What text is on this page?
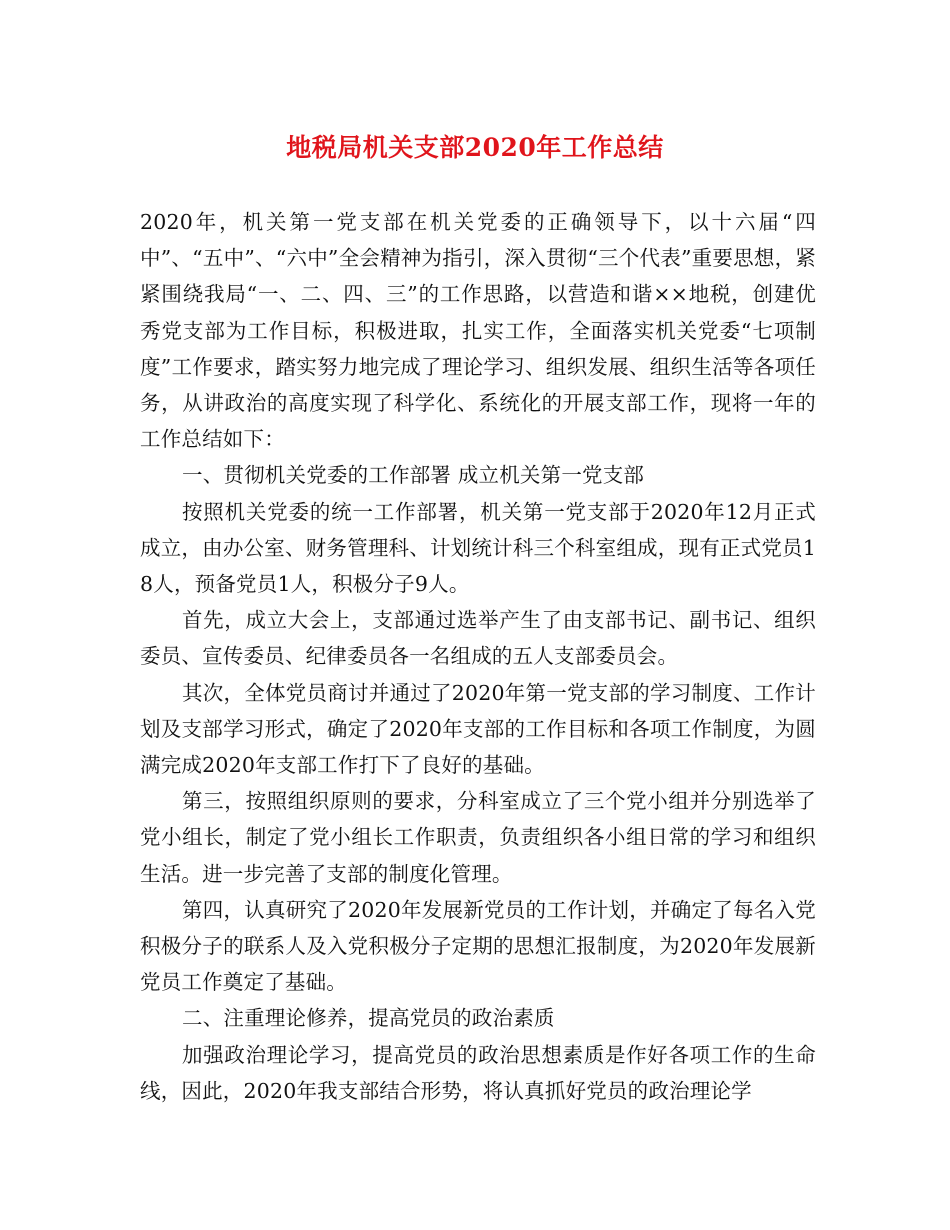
地税局机关支部2020年工作总结

2020年，机关第一党支部在机关党委的正确领导下，以十六届“四中”、“五中”、“六中”全会精神为指引，深入贯彻“三个代表”重要思想，紧紧围绕我局“一、二、四、三”的工作思路，以营造和谐××地税，创建优秀党支部为工作目标，积极进取，扎实工作，全面落实机关党委“七项制度”工作要求，踏实努力地完成了理论学习、组织发展、组织生活等各项任务，从讲政治的高度实现了科学化、系统化的开展支部工作，现将一年的工作总结如下：

一、贯彻机关党委的工作部署 成立机关第一党支部

按照机关党委的统一工作部署，机关第一党支部于2020年12月正式成立，由办公室、财务管理科、计划统计科三个科室组成，现有正式党员18人，预备党员1人，积极分子9人。

首先，成立大会上，支部通过选举产生了由支部书记、副书记、组织委员、宣传委员、纪律委员各一名组成的五人支部委员会。

其次，全体党员商讨并通过了2020年第一党支部的学习制度、工作计划及支部学习形式，确定了2020年支部的工作目标和各项工作制度，为圆满完成2020年支部工作打下了良好的基础。

第三，按照组织原则的要求，分科室成立了三个党小组并分别选举了党小组长，制定了党小组长工作职责，负责组织各小组日常的学习和组织生活。进一步完善了支部的制度化管理。

第四，认真研究了2020年发展新党员的工作计划，并确定了每名入党积极分子的联系人及入党积极分子定期的思想汇报制度，为2020年发展新党员工作奠定了基础。

二、注重理论修养，提高党员的政治素质

加强政治理论学习，提高党员的政治思想素质是作好各项工作的生命线，因此，2020年我支部结合形势，将认真抓好党员的政治理论学
